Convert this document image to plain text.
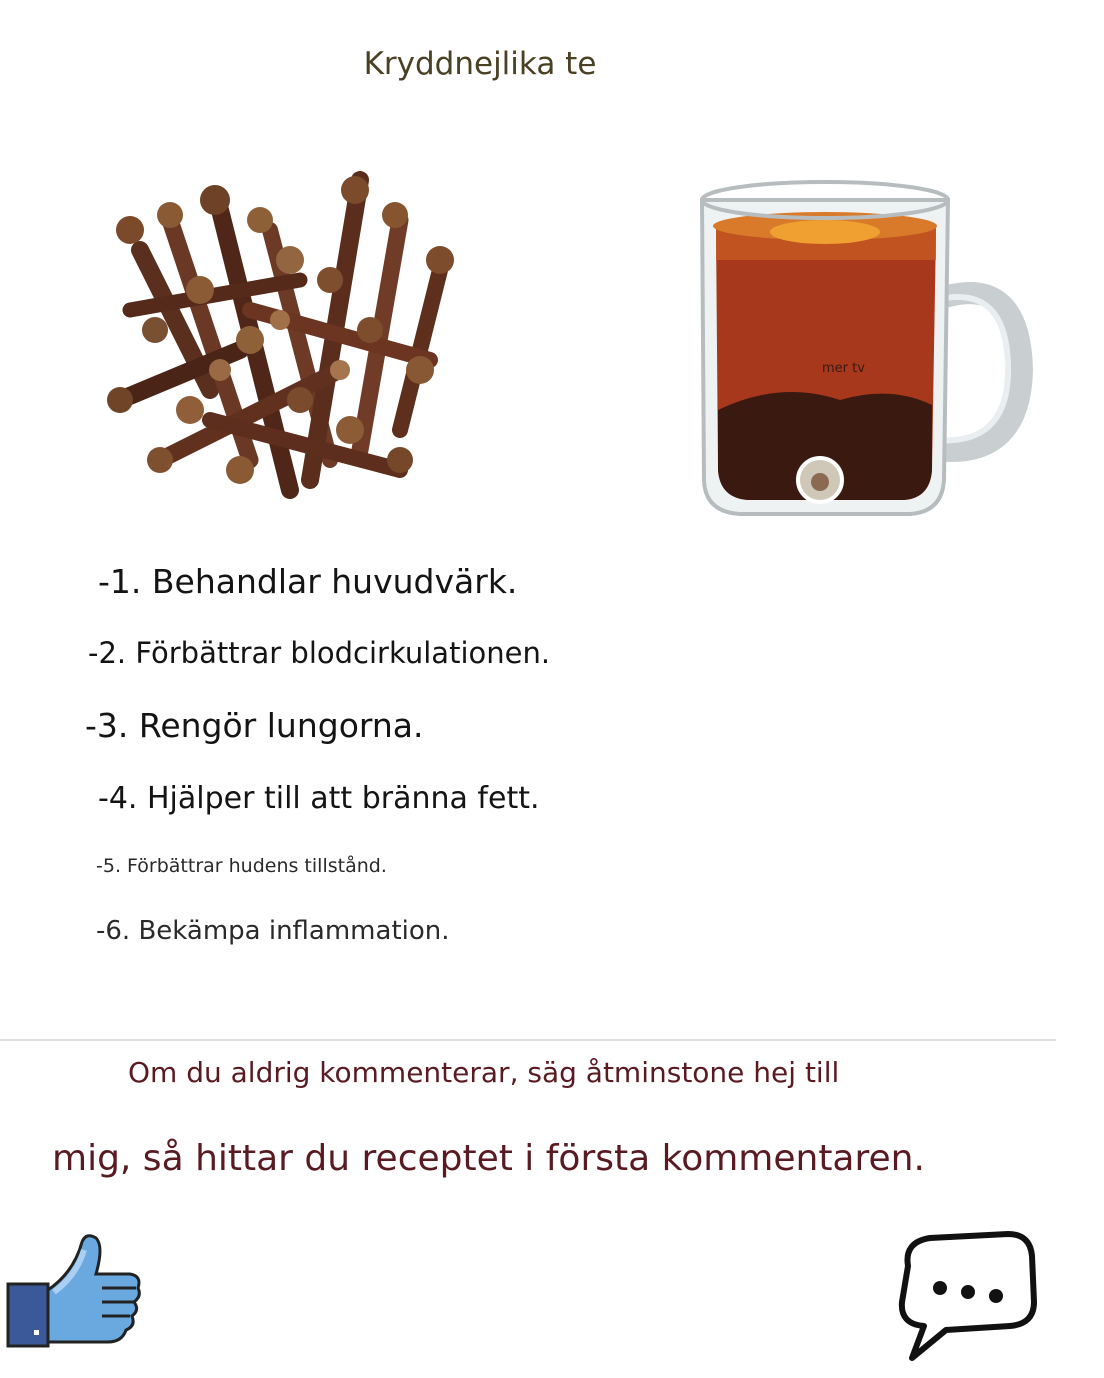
Kryddnejlika te
mer tv
-1. Behandlar huvudvärk.
-2. Förbättrar blodcirkulationen.
-3. Rengör lungorna.
-4. Hjälper till att bränna fett.
-5. Förbättrar hudens tillstånd.
-6. Bekämpa inflammation.
Om du aldrig kommenterar, säg åtminstone hej till
mig, så hittar du receptet i första kommentaren.
